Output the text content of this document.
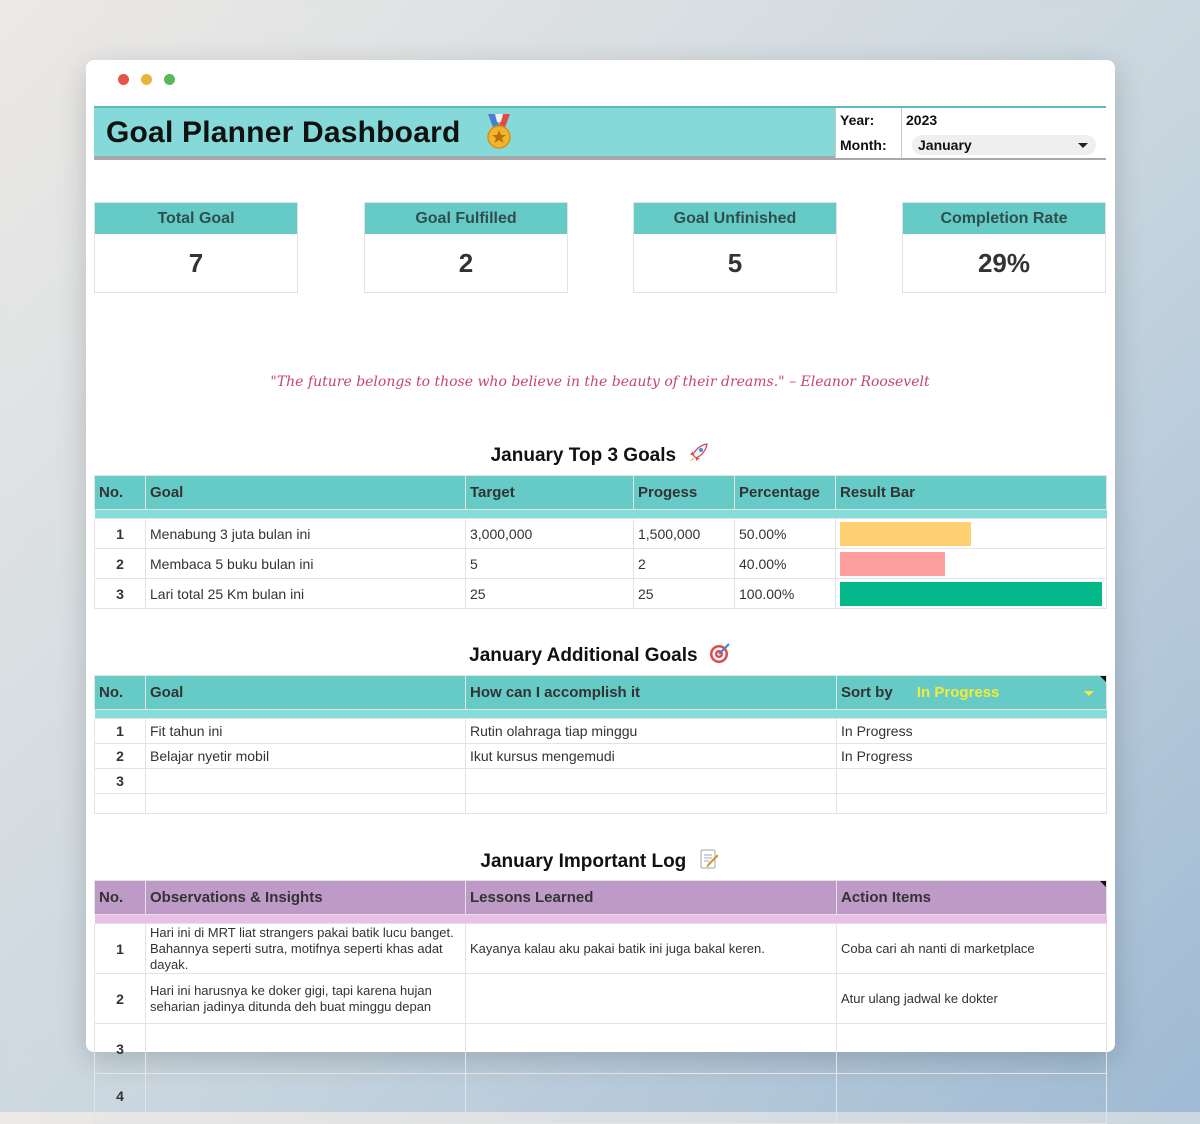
Goal Planner Dashboard	Year: 2023
Month:	January
Total Goal
7
Goal Fulfilled
2
Goal Unfinished
5
Completion Rate
29%
"The future belongs to those who believe in the beauty of their dreams." – Eleanor Roosevelt
January Top 3 Goals
No.	Goal	Target	Progess	Percentage	Result Bar

1	Menabung 3 juta bulan ini	3,000,000	1,500,000	50.00%	

2	Membaca 5 buku bulan ini	5	2	40.00%	

3	Lari total 25 Km bulan ini	25	25	100.00%	
January Additional Goals
No.	Goal	How can I accomplish it	Sort by In Progress

1	Fit tahun ini	Rutin olahraga tiap minggu	In Progress
2	Belajar nyetir mobil	Ikut kursus mengemudi	In Progress
3			

January Important Log
No.	Observations & Insights	Lessons Learned	Action Items

1	Hari ini di MRT liat strangers pakai batik lucu banget. Bahannya seperti sutra, motifnya seperti khas adat dayak.	Kayanya kalau aku pakai batik ini juga bakal keren.	Coba cari ah nanti di marketplace
2	Hari ini harusnya ke doker gigi, tapi karena hujan seharian jadinya ditunda deh buat minggu depan		Atur ulang jadwal ke dokter
3			
4			
